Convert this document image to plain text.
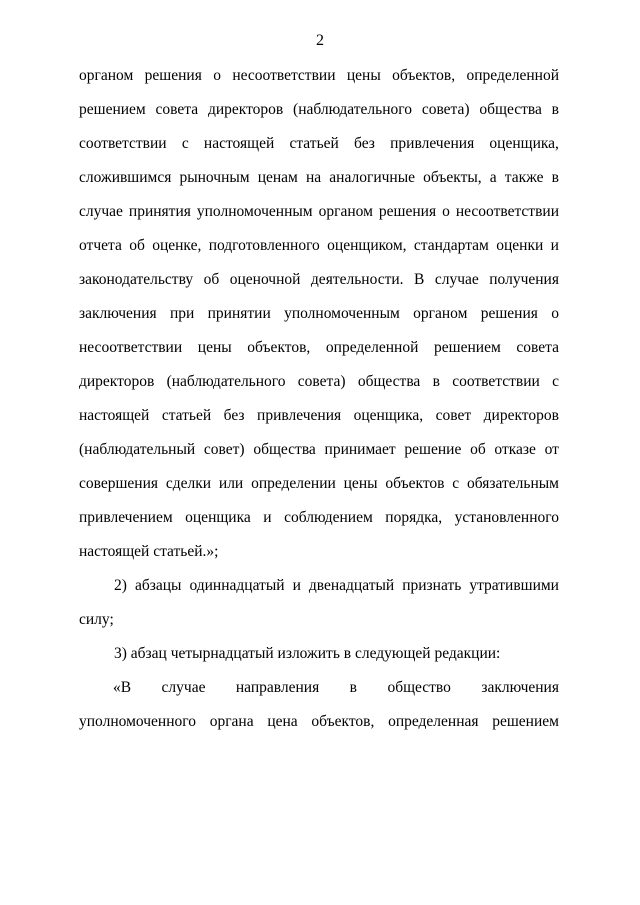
2
органом решения о несоответствии цены объектов, определенной
решением совета директоров (наблюдательного совета) общества в
соответствии с настоящей статьей без привлечения оценщика,
сложившимся рыночным ценам на аналогичные объекты, а также в
случае принятия уполномоченным органом решения о несоответствии
отчета об оценке, подготовленного оценщиком, стандартам оценки и
законодательству об оценочной деятельности. В случае получения
заключения при принятии уполномоченным органом решения о
несоответствии цены объектов, определенной решением совета
директоров (наблюдательного совета) общества в соответствии с
настоящей статьей без привлечения оценщика, совет директоров
(наблюдательный совет) общества принимает решение об отказе от
совершения сделки или определении цены объектов с обязательным
привлечением оценщика и соблюдением порядка, установленного
настоящей статьей.»;
2) абзацы одиннадцатый и двенадцатый признать утратившими
силу;
3) абзац четырнадцатый изложить в следующей редакции:
«В случае направления в общество заключения
уполномоченного органа цена объектов, определенная решением
